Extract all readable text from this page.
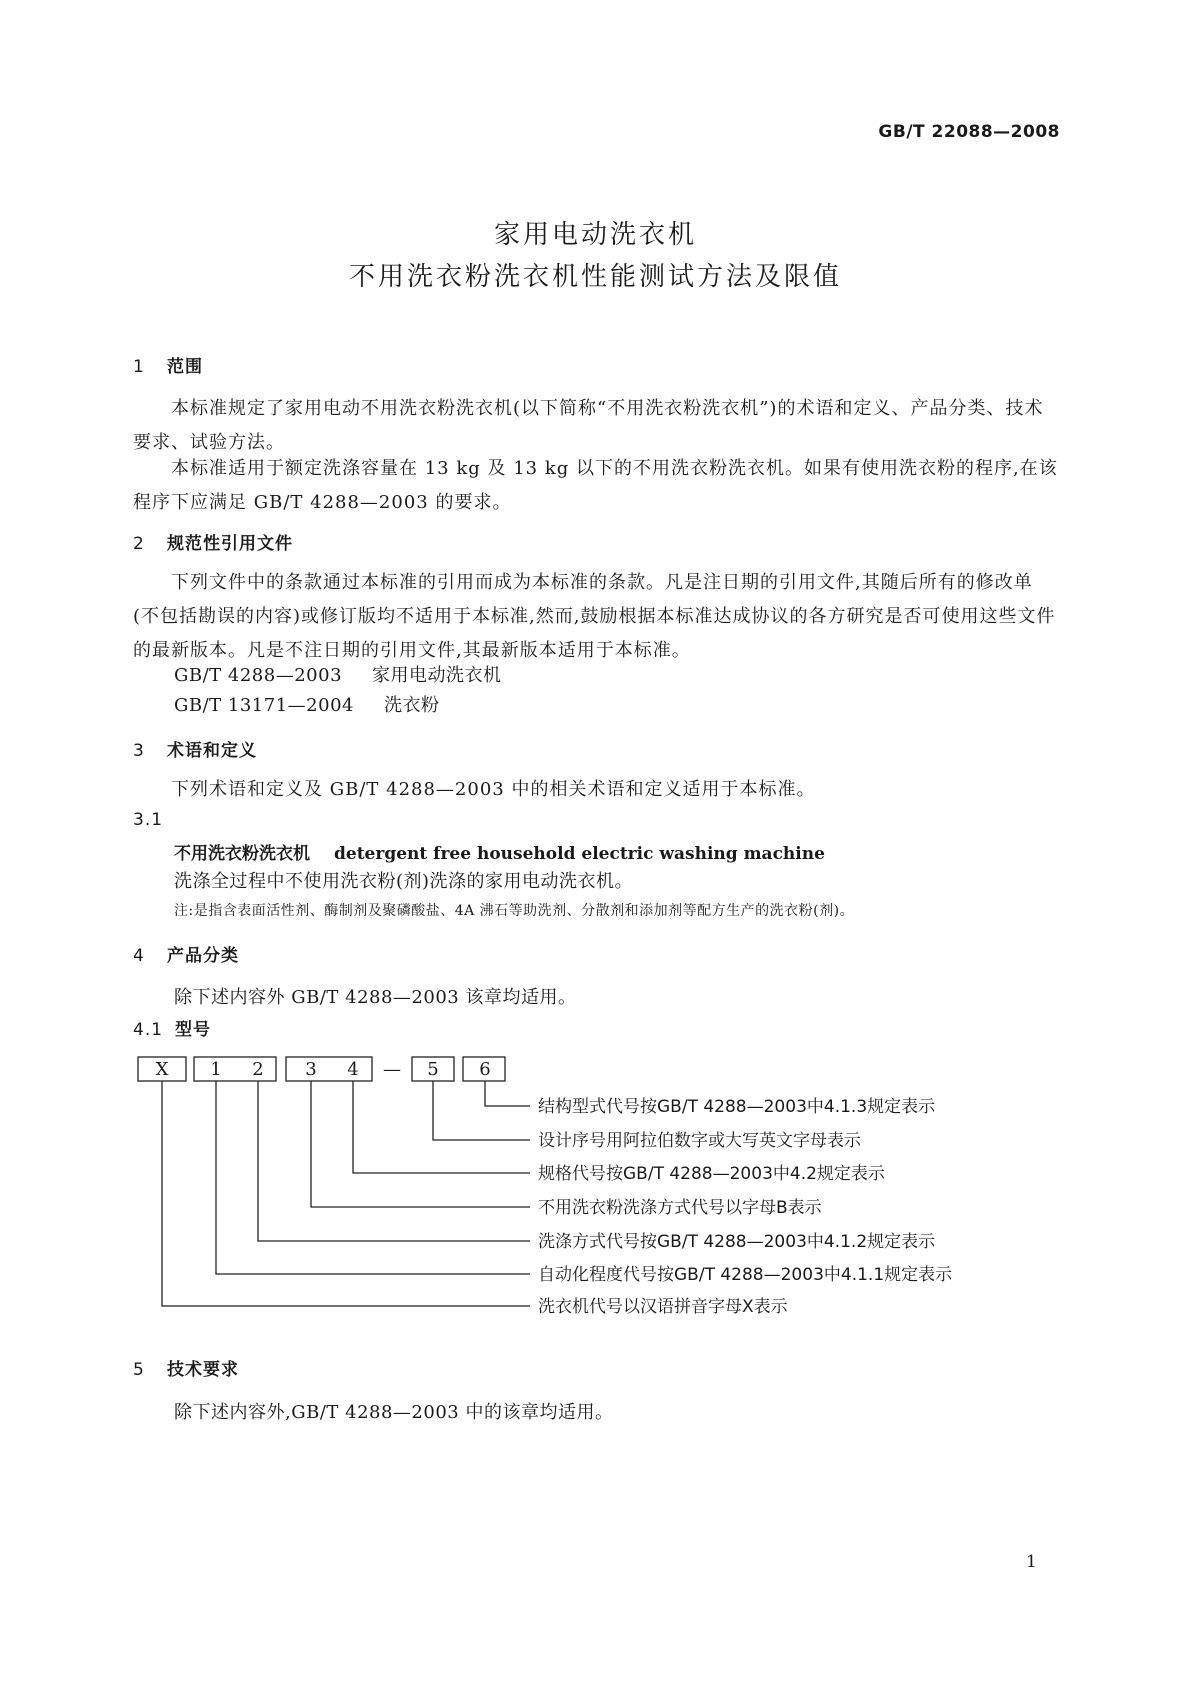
GB/T 22088—2008
家用电动洗衣机
不用洗衣粉洗衣机性能测试方法及限值
1 范围
本标准规定了家用电动不用洗衣粉洗衣机(以下简称“不用洗衣粉洗衣机”)的术语和定义、产品分类、技术要求、试验方法。
本标准适用于额定洗涤容量在 13 kg 及 13 kg 以下的不用洗衣粉洗衣机。如果有使用洗衣粉的程序,在该程序下应满足 GB/T 4288—2003 的要求。
2 规范性引用文件
下列文件中的条款通过本标准的引用而成为本标准的条款。凡是注日期的引用文件,其随后所有的修改单(不包括勘误的内容)或修订版均不适用于本标准,然而,鼓励根据本标准达成协议的各方研究是否可使用这些文件的最新版本。凡是不注日期的引用文件,其最新版本适用于本标准。
GB/T 4288—2003 家用电动洗衣机
GB/T 13171—2004 洗衣粉
3 术语和定义
下列术语和定义及 GB/T 4288—2003 中的相关术语和定义适用于本标准。
3.1
不用洗衣粉洗衣机 detergent free household electric washing machine
洗涤全过程中不使用洗衣粉(剂)洗涤的家用电动洗衣机。
注:是指含表面活性剂、酶制剂及聚磷酸盐、4A 沸石等助洗剂、分散剂和添加剂等配方生产的洗衣粉(剂)。
4 产品分类
除下述内容外 GB/T 4288—2003 该章均适用。
4.1 型号
X 1 2 3 4 — 5 6
结构型式代号按GB/T 4288—2003中4.1.3规定表示
设计序号用阿拉伯数字或大写英文字母表示
规格代号按GB/T 4288—2003中4.2规定表示
不用洗衣粉洗涤方式代号以字母B表示
洗涤方式代号按GB/T 4288—2003中4.1.2规定表示
自动化程度代号按GB/T 4288—2003中4.1.1规定表示
洗衣机代号以汉语拼音字母X表示
5 技术要求
除下述内容外,GB/T 4288—2003 中的该章均适用。
1
